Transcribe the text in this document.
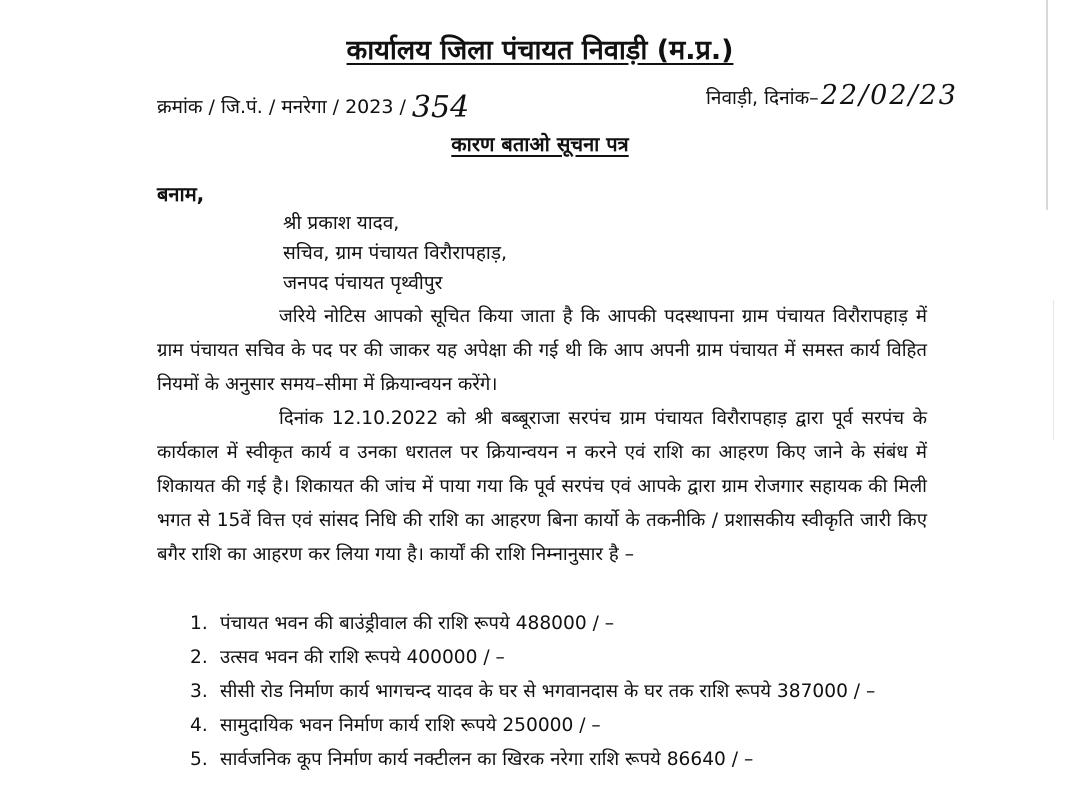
कार्यालय जिला पंचायत निवाड़ी (म.प्र.)
क्रमांक / जि.पं. / मनरेगा / 2023 / 354	निवाड़ी, दिनांक–22/02/23
कारण बताओ सूचना पत्र
बनाम,
श्री प्रकाश यादव,
सचिव, ग्राम पंचायत विरौरापहाड़,
जनपद पंचायत पृथ्वीपुर

जरिये नोटिस आपको सूचित किया जाता है कि आपकी पदस्थापना ग्राम पंचायत विरौरापहाड़ में ग्राम पंचायत सचिव के पद पर की जाकर यह अपेक्षा की गई थी कि आप अपनी ग्राम पंचायत में समस्त कार्य विहित नियमों के अनुसार समय–सीमा में क्रियान्वयन करेंगे।

दिनांक 12.10.2022 को श्री बब्बूराजा सरपंच ग्राम पंचायत विरौरापहाड़ द्वारा पूर्व सरपंच के कार्यकाल में स्वीकृत कार्य व उनका धरातल पर क्रियान्वयन न करने एवं राशि का आहरण किए जाने के संबंध में शिकायत की गई है। शिकायत की जांच में पाया गया कि पूर्व सरपंच एवं आपके द्वारा ग्राम रोजगार सहायक की मिली भगत से 15वें वित्त एवं सांसद निधि की राशि का आहरण बिना कार्यो के तकनीकि / प्रशासकीय स्वीकृति जारी किए बगैर राशि का आहरण कर लिया गया है। कार्यों की राशि निम्नानुसार है –

1. पंचायत भवन की बाउंड्रीवाल की राशि रूपये 488000 / –
2. उत्सव भवन की राशि रूपये 400000 / –
3. सीसी रोड निर्माण कार्य भागचन्द यादव के घर से भगवानदास के घर तक राशि रूपये 387000 / –
4. सामुदायिक भवन निर्माण कार्य राशि रूपये 250000 / –
5. सार्वजनिक कूप निर्माण कार्य नक्टीलन का खिरक नरेगा राशि रूपये 86640 / –
